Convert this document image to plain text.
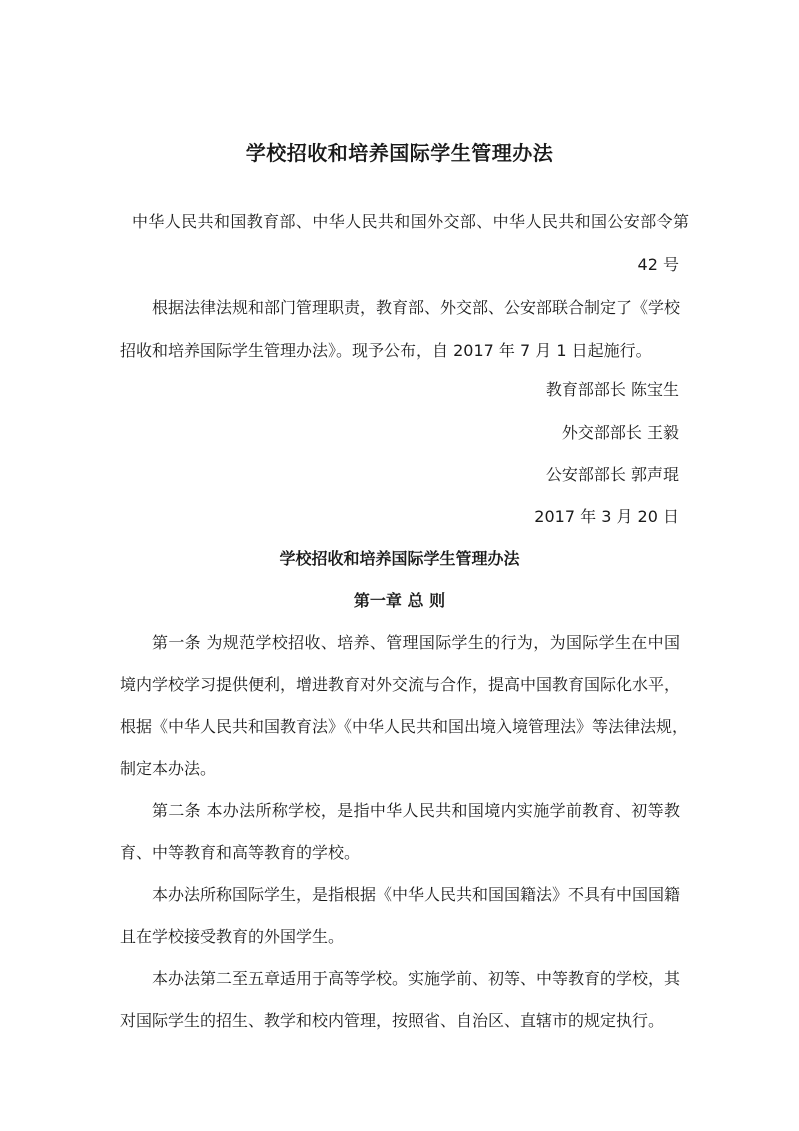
学校招收和培养国际学生管理办法
中华人民共和国教育部、中华人民共和国外交部、中华人民共和国公安部令第
42 号
根据法律法规和部门管理职责，教育部、外交部、公安部联合制定了《学校
招收和培养国际学生管理办法》。现予公布，自 2017 年 7 月 1 日起施行。
教育部部长 陈宝生
外交部部长 王毅
公安部部长 郭声琨
2017 年 3 月 20 日
学校招收和培养国际学生管理办法
第一章 总 则
第一条 为规范学校招收、培养、管理国际学生的行为，为国际学生在中国
境内学校学习提供便利，增进教育对外交流与合作，提高中国教育国际化水平，
根据《中华人民共和国教育法》《中华人民共和国出境入境管理法》等法律法规，
制定本办法。
第二条 本办法所称学校，是指中华人民共和国境内实施学前教育、初等教
育、中等教育和高等教育的学校。
本办法所称国际学生，是指根据《中华人民共和国国籍法》不具有中国国籍
且在学校接受教育的外国学生。
本办法第二至五章适用于高等学校。实施学前、初等、中等教育的学校，其
对国际学生的招生、教学和校内管理，按照省、自治区、直辖市的规定执行。
